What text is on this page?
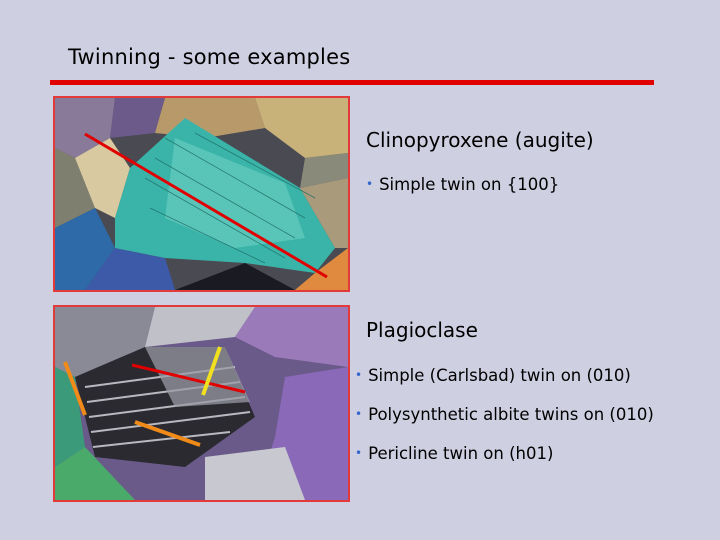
Twinning - some examples
Clinopyroxene (augite)
• Simple twin on {100}
Plagioclase
• Simple (Carlsbad) twin on (010)
• Polysynthetic albite twins on (010)
• Pericline twin on (h01)
